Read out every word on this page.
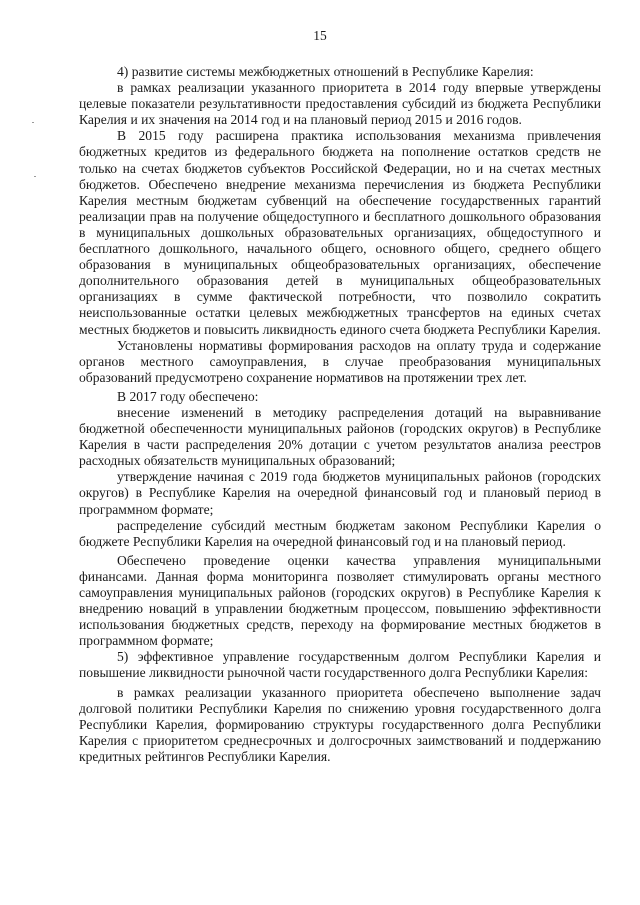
15

4) развитие системы межбюджетных отношений в Республике Карелия:

в рамках реализации указанного приоритета в 2014 году впервые утверждены целевые показатели результативности предоставления субсидий из бюджета Республики Карелия и их значения на 2014 год и на плановый период 2015 и 2016 годов.

В 2015 году расширена практика использования механизма привлечения бюджетных кредитов из федерального бюджета на пополнение остатков средств не только на счетах бюджетов субъектов Российской Федерации, но и на счетах местных бюджетов. Обеспечено внедрение механизма перечисления из бюджета Республики Карелия местным бюджетам субвенций на обеспечение государственных гарантий реализации прав на получение общедоступного и бесплатного дошкольного образования в муниципальных дошкольных образовательных организациях, общедоступного и бесплатного дошкольного, начального общего, основного общего, среднего общего образования в муниципальных общеобразовательных организациях, обеспечение дополнительного образования детей в муниципальных общеобразовательных организациях в сумме фактической потребности, что позволило сократить неиспользованные остатки целевых межбюджетных трансфертов на единых счетах местных бюджетов и повысить ликвидность единого счета бюджета Республики Карелия.

Установлены нормативы формирования расходов на оплату труда и содержание органов местного самоуправления, в случае преобразования муниципальных образований предусмотрено сохранение нормативов на протяжении трех лет.

В 2017 году обеспечено:

внесение изменений в методику распределения дотаций на выравнивание бюджетной обеспеченности муниципальных районов (городских округов) в Республике Карелия в части распределения 20% дотации с учетом результатов анализа реестров расходных обязательств муниципальных образований;

утверждение начиная с 2019 года бюджетов муниципальных районов (городских округов) в Республике Карелия на очередной финансовый год и плановый период в программном формате;

распределение субсидий местным бюджетам законом Республики Карелия о бюджете Республики Карелия на очередной финансовый год и на плановый период.

Обеспечено проведение оценки качества управления муниципальными финансами. Данная форма мониторинга позволяет стимулировать органы местного самоуправления муниципальных районов (городских округов) в Республике Карелия к внедрению новаций в управлении бюджетным процессом, повышению эффективности использования бюджетных средств, переходу на формирование местных бюджетов в программном формате;

5) эффективное управление государственным долгом Республики Карелия и повышение ликвидности рыночной части государственного долга Республики Карелия:

в рамках реализации указанного приоритета обеспечено выполнение задач долговой политики Республики Карелия по снижению уровня государственного долга Республики Карелия, формированию структуры государственного долга Республики Карелия с приоритетом среднесрочных и долгосрочных заимствований и поддержанию кредитных рейтингов Республики Карелия.
